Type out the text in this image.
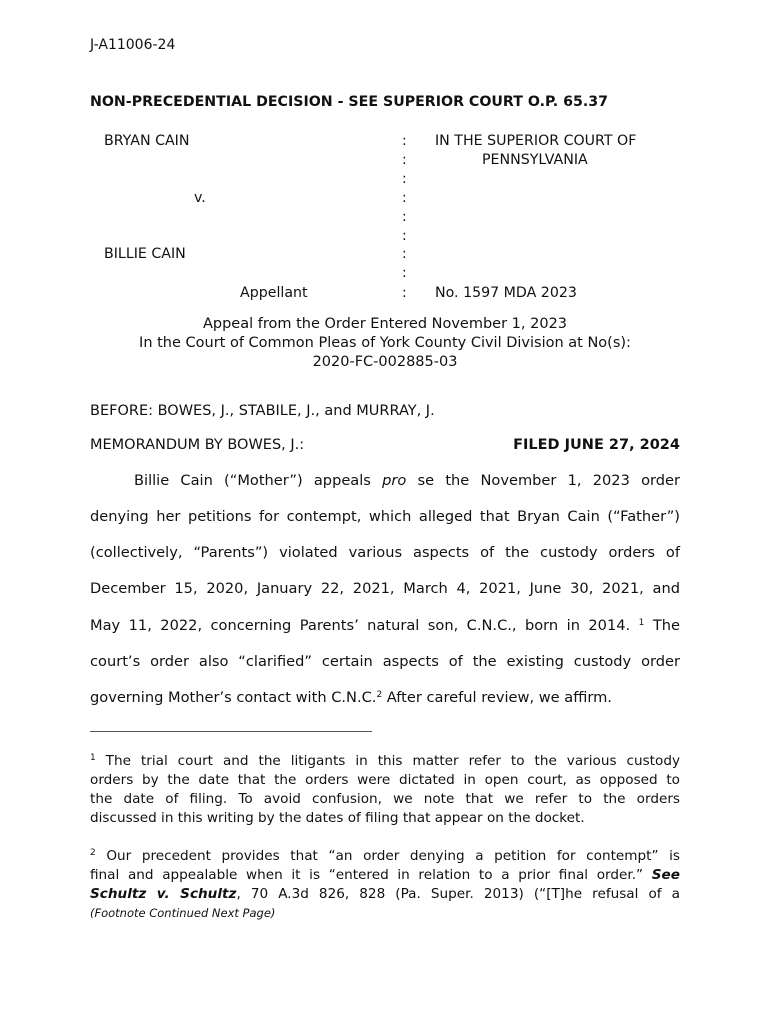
J-A11006-24
NON-PRECEDENTIAL DECISION - SEE SUPERIOR COURT O.P. 65.37
BRYAN CAIN
v.
BILLIE CAIN
Appellant
:
:
:
:
:
:
:
:
:
IN THE SUPERIOR COURT OF
PENNSYLVANIA
No. 1597 MDA 2023
Appeal from the Order Entered November 1, 2023
In the Court of Common Pleas of York County Civil Division at No(s):
2020-FC-002885-03
BEFORE: BOWES, J., STABILE, J., and MURRAY, J.
MEMORANDUM BY BOWES, J.:	FILED JUNE 27, 2024
Billie Cain (“Mother”) appeals pro se the November 1, 2023 order
denying her petitions for contempt, which alleged that Bryan Cain (“Father”)
(collectively, “Parents”) violated various aspects of the custody orders of
December 15, 2020, January 22, 2021, March 4, 2021, June 30, 2021, and
May 11, 2022, concerning Parents’ natural son, C.N.C., born in 2014. $^1$ The
court’s order also “clarified” certain aspects of the existing custody order
governing Mother’s contact with C.N.C.$^2$ After careful review, we affirm.
$^1$ The trial court and the litigants in this matter refer to the various custody
orders by the date that the orders were dictated in open court, as opposed to
the date of filing. To avoid confusion, we note that we refer to the orders
discussed in this writing by the dates of filing that appear on the docket.
$^2$ Our precedent provides that “an order denying a petition for contempt” is
final and appealable when it is “entered in relation to a prior final order.” See
Schultz v. Schultz, 70 A.3d 826, 828 (Pa. Super. 2013) (“[T]he refusal of a
(Footnote Continued Next Page)
